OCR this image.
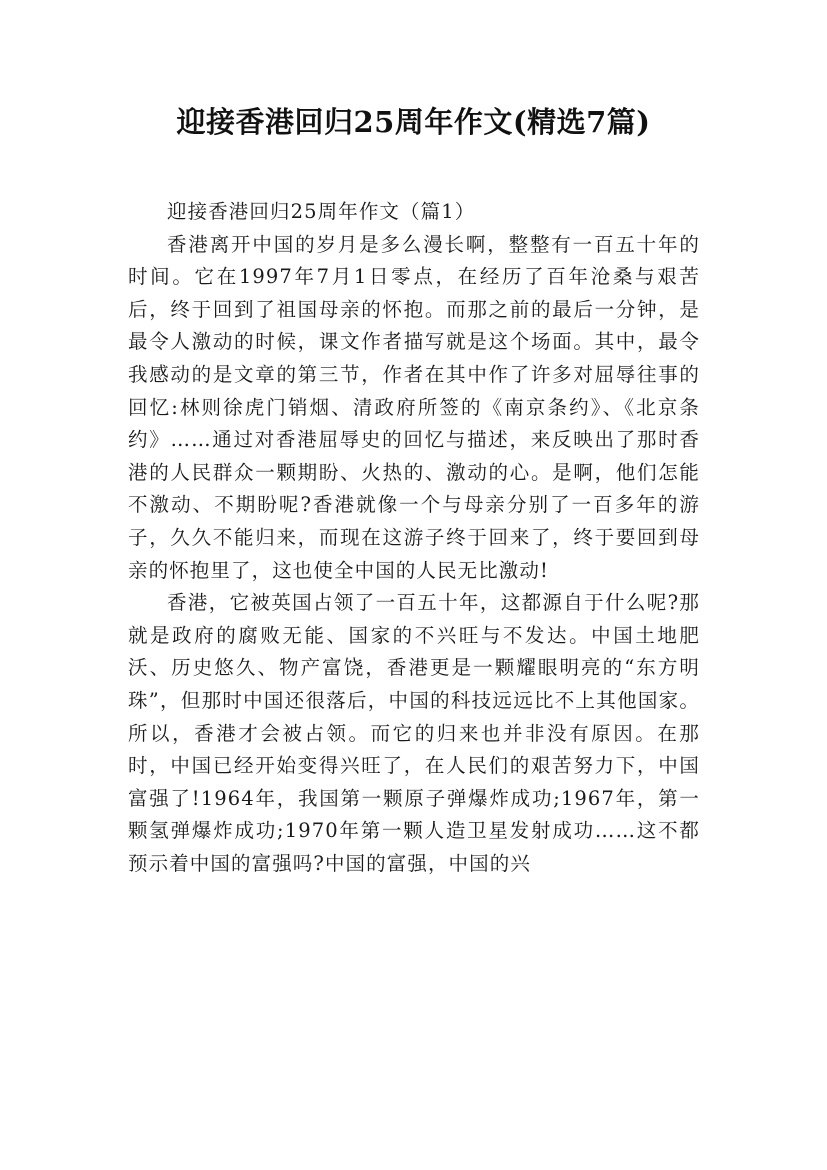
迎接香港回归25周年作文(精选7篇)

迎接香港回归25周年作文（篇1）

香港离开中国的岁月是多么漫长啊，整整有一百五十年的时间。它在1997年7月1日零点，在经历了百年沧桑与艰苦后，终于回到了祖国母亲的怀抱。而那之前的最后一分钟，是最令人激动的时候，课文作者描写就是这个场面。其中，最令我感动的是文章的第三节，作者在其中作了许多对屈辱往事的回忆:林则徐虎门销烟、清政府所签的《南京条约》、《北京条约》……通过对香港屈辱史的回忆与描述，来反映出了那时香港的人民群众一颗期盼、火热的、激动的心。是啊，他们怎能不激动、不期盼呢?香港就像一个与母亲分别了一百多年的游子，久久不能归来，而现在这游子终于回来了，终于要回到母亲的怀抱里了，这也使全中国的人民无比激动!

香港，它被英国占领了一百五十年，这都源自于什么呢?那就是政府的腐败无能、国家的不兴旺与不发达。中国土地肥沃、历史悠久、物产富饶，香港更是一颗耀眼明亮的“东方明珠”，但那时中国还很落后，中国的科技远远比不上其他国家。所以，香港才会被占领。而它的归来也并非没有原因。在那时，中国已经开始变得兴旺了，在人民们的艰苦努力下，中国富强了!1964年，我国第一颗原子弹爆炸成功;1967年，第一颗氢弹爆炸成功;1970年第一颗人造卫星发射成功……这不都预示着中国的富强吗?中国的富强，中国的兴
